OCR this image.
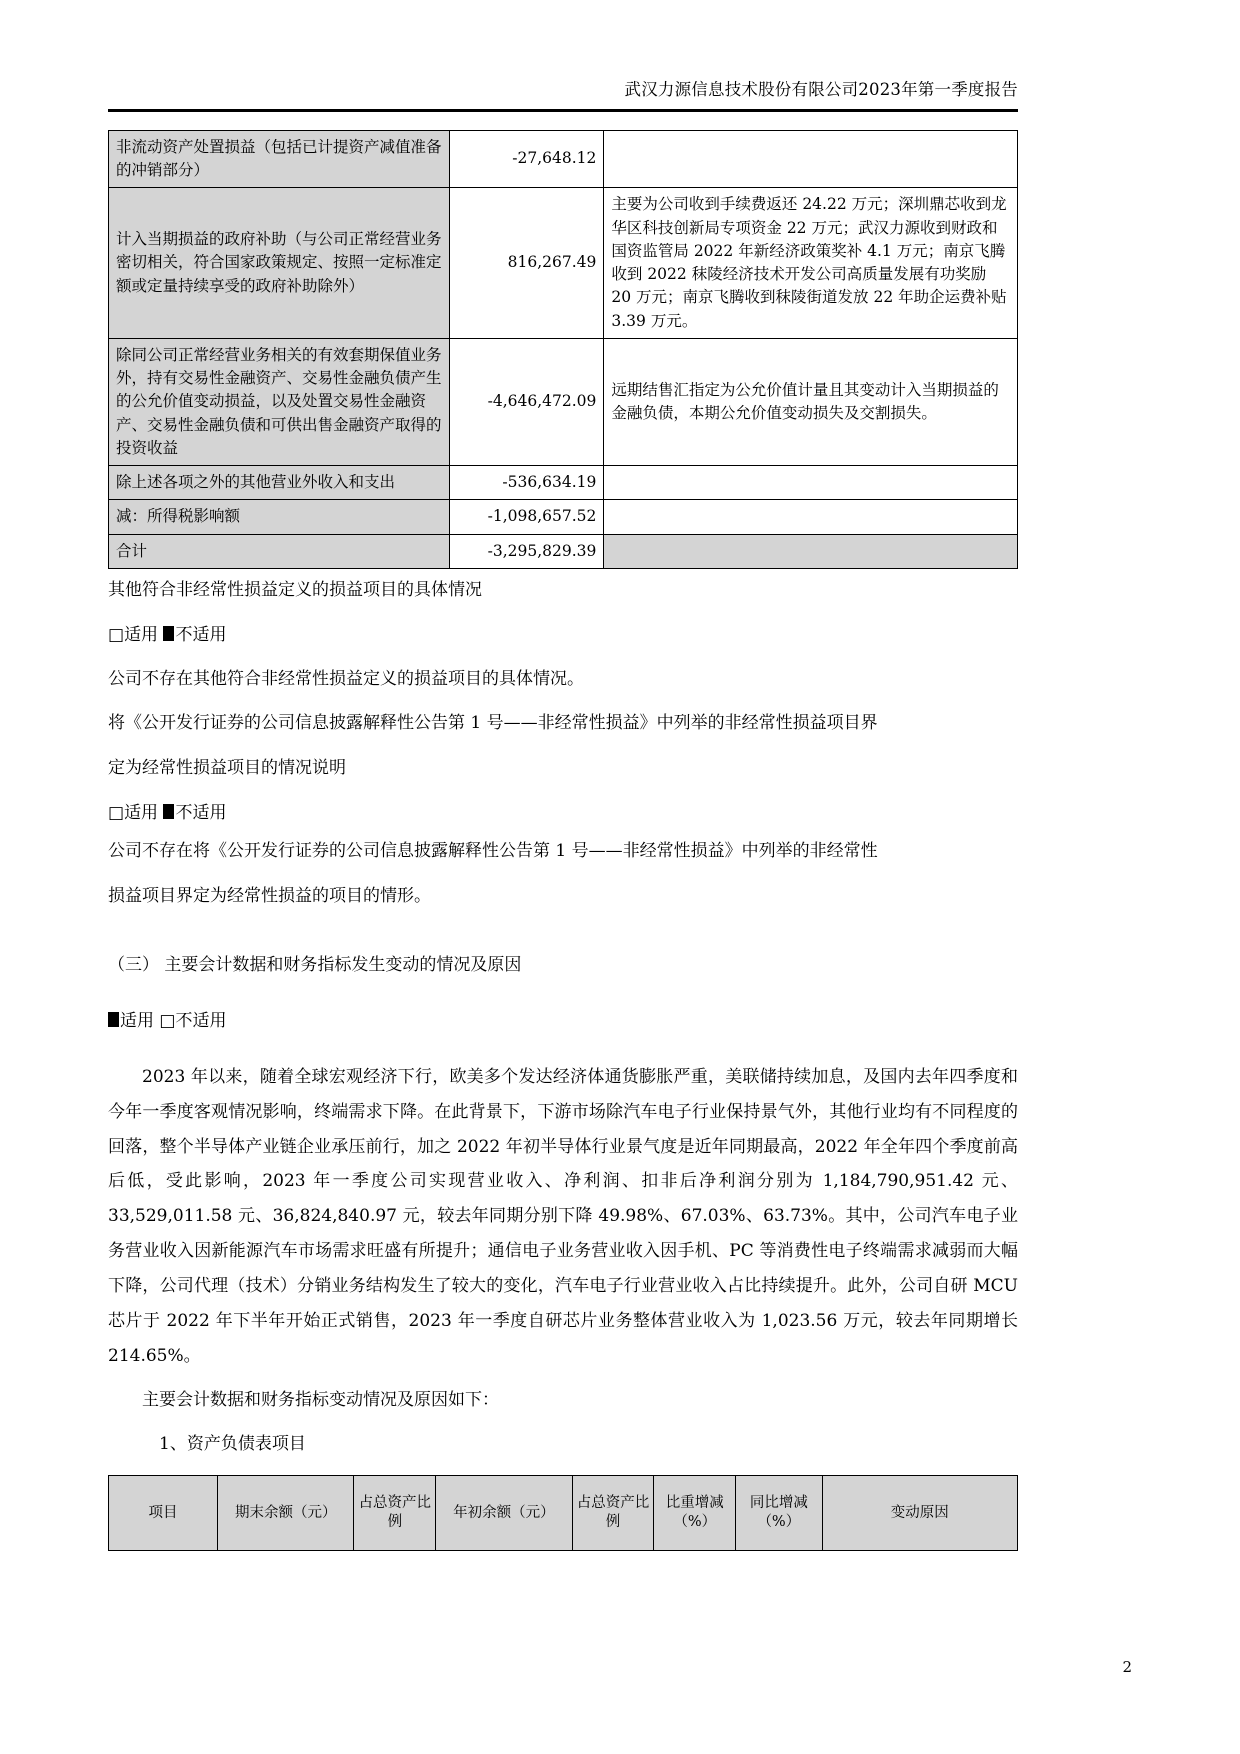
武汉力源信息技术股份有限公司2023年第一季度报告
非流动资产处置损益（包括已计提资产减值准备的冲销部分）	-27,648.12	
计入当期损益的政府补助（与公司正常经营业务密切相关，符合国家政策规定、按照一定标准定额或定量持续享受的政府补助除外）	816,267.49	主要为公司收到手续费返还 24.22 万元；深圳鼎芯收到龙华区科技创新局专项资金 22 万元；武汉力源收到财政和国资监管局 2022 年新经济政策奖补 4.1 万元；南京飞腾收到 2022 秣陵经济技术开发公司高质量发展有功奖励 20 万元；南京飞腾收到秣陵街道发放 22 年助企运费补贴 3.39 万元。
除同公司正常经营业务相关的有效套期保值业务外，持有交易性金融资产、交易性金融负债产生的公允价值变动损益，以及处置交易性金融资产、交易性金融负债和可供出售金融资产取得的投资收益	-4,646,472.09	远期结售汇指定为公允价值计量且其变动计入当期损益的金融负债，本期公允价值变动损失及交割损失。
除上述各项之外的其他营业外收入和支出	-536,634.19	
减：所得税影响额	-1,098,657.52	
合计	-3,295,829.39	

其他符合非经常性损益定义的损益项目的具体情况

□ 适用 不适用

公司不存在其他符合非经常性损益定义的损益项目的具体情况。

将《公开发行证券的公司信息披露解释性公告第 1 号——非经常性损益》中列举的非经常性损益项目界

定为经常性损益项目的情况说明

□ 适用 不适用

公司不存在将《公开发行证券的公司信息披露解释性公告第 1 号——非经常性损益》中列举的非经常性

损益项目界定为经常性损益的项目的情形。

（三） 主要会计数据和财务指标发生变动的情况及原因

适用 □ 不适用

2023 年以来，随着全球宏观经济下行，欧美多个发达经济体通货膨胀严重，美联储持续加息，及国内去年四季度和今年一季度客观情况影响，终端需求下降。在此背景下，下游市场除汽车电子行业保持景气外，其他行业均有不同程度的回落，整个半导体产业链企业承压前行，加之 2022 年初半导体行业景气度是近年同期最高，2022 年全年四个季度前高后低，受此影响，2023 年一季度公司实现营业收入、净利润、扣非后净利润分别为 1,184,790,951.42 元、33,529,011.58 元、36,824,840.97 元，较去年同期分别下降 49.98%、67.03%、63.73%。其中，公司汽车电子业务营业收入因新能源汽车市场需求旺盛有所提升；通信电子业务营业收入因手机、PC 等消费性电子终端需求减弱而大幅下降，公司代理（技术）分销业务结构发生了较大的变化，汽车电子行业营业收入占比持续提升。此外，公司自研 MCU 芯片于 2022 年下半年开始正式销售，2023 年一季度自研芯片业务整体营业收入为 1,023.56 万元，较去年同期增长 214.65%。

主要会计数据和财务指标变动情况及原因如下：

1、资产负债表项目

项目	期末余额（元）	占总资产比例	年初余额（元）	占总资产比例	比重增减（%）	同比增减（%）	变动原因
2
